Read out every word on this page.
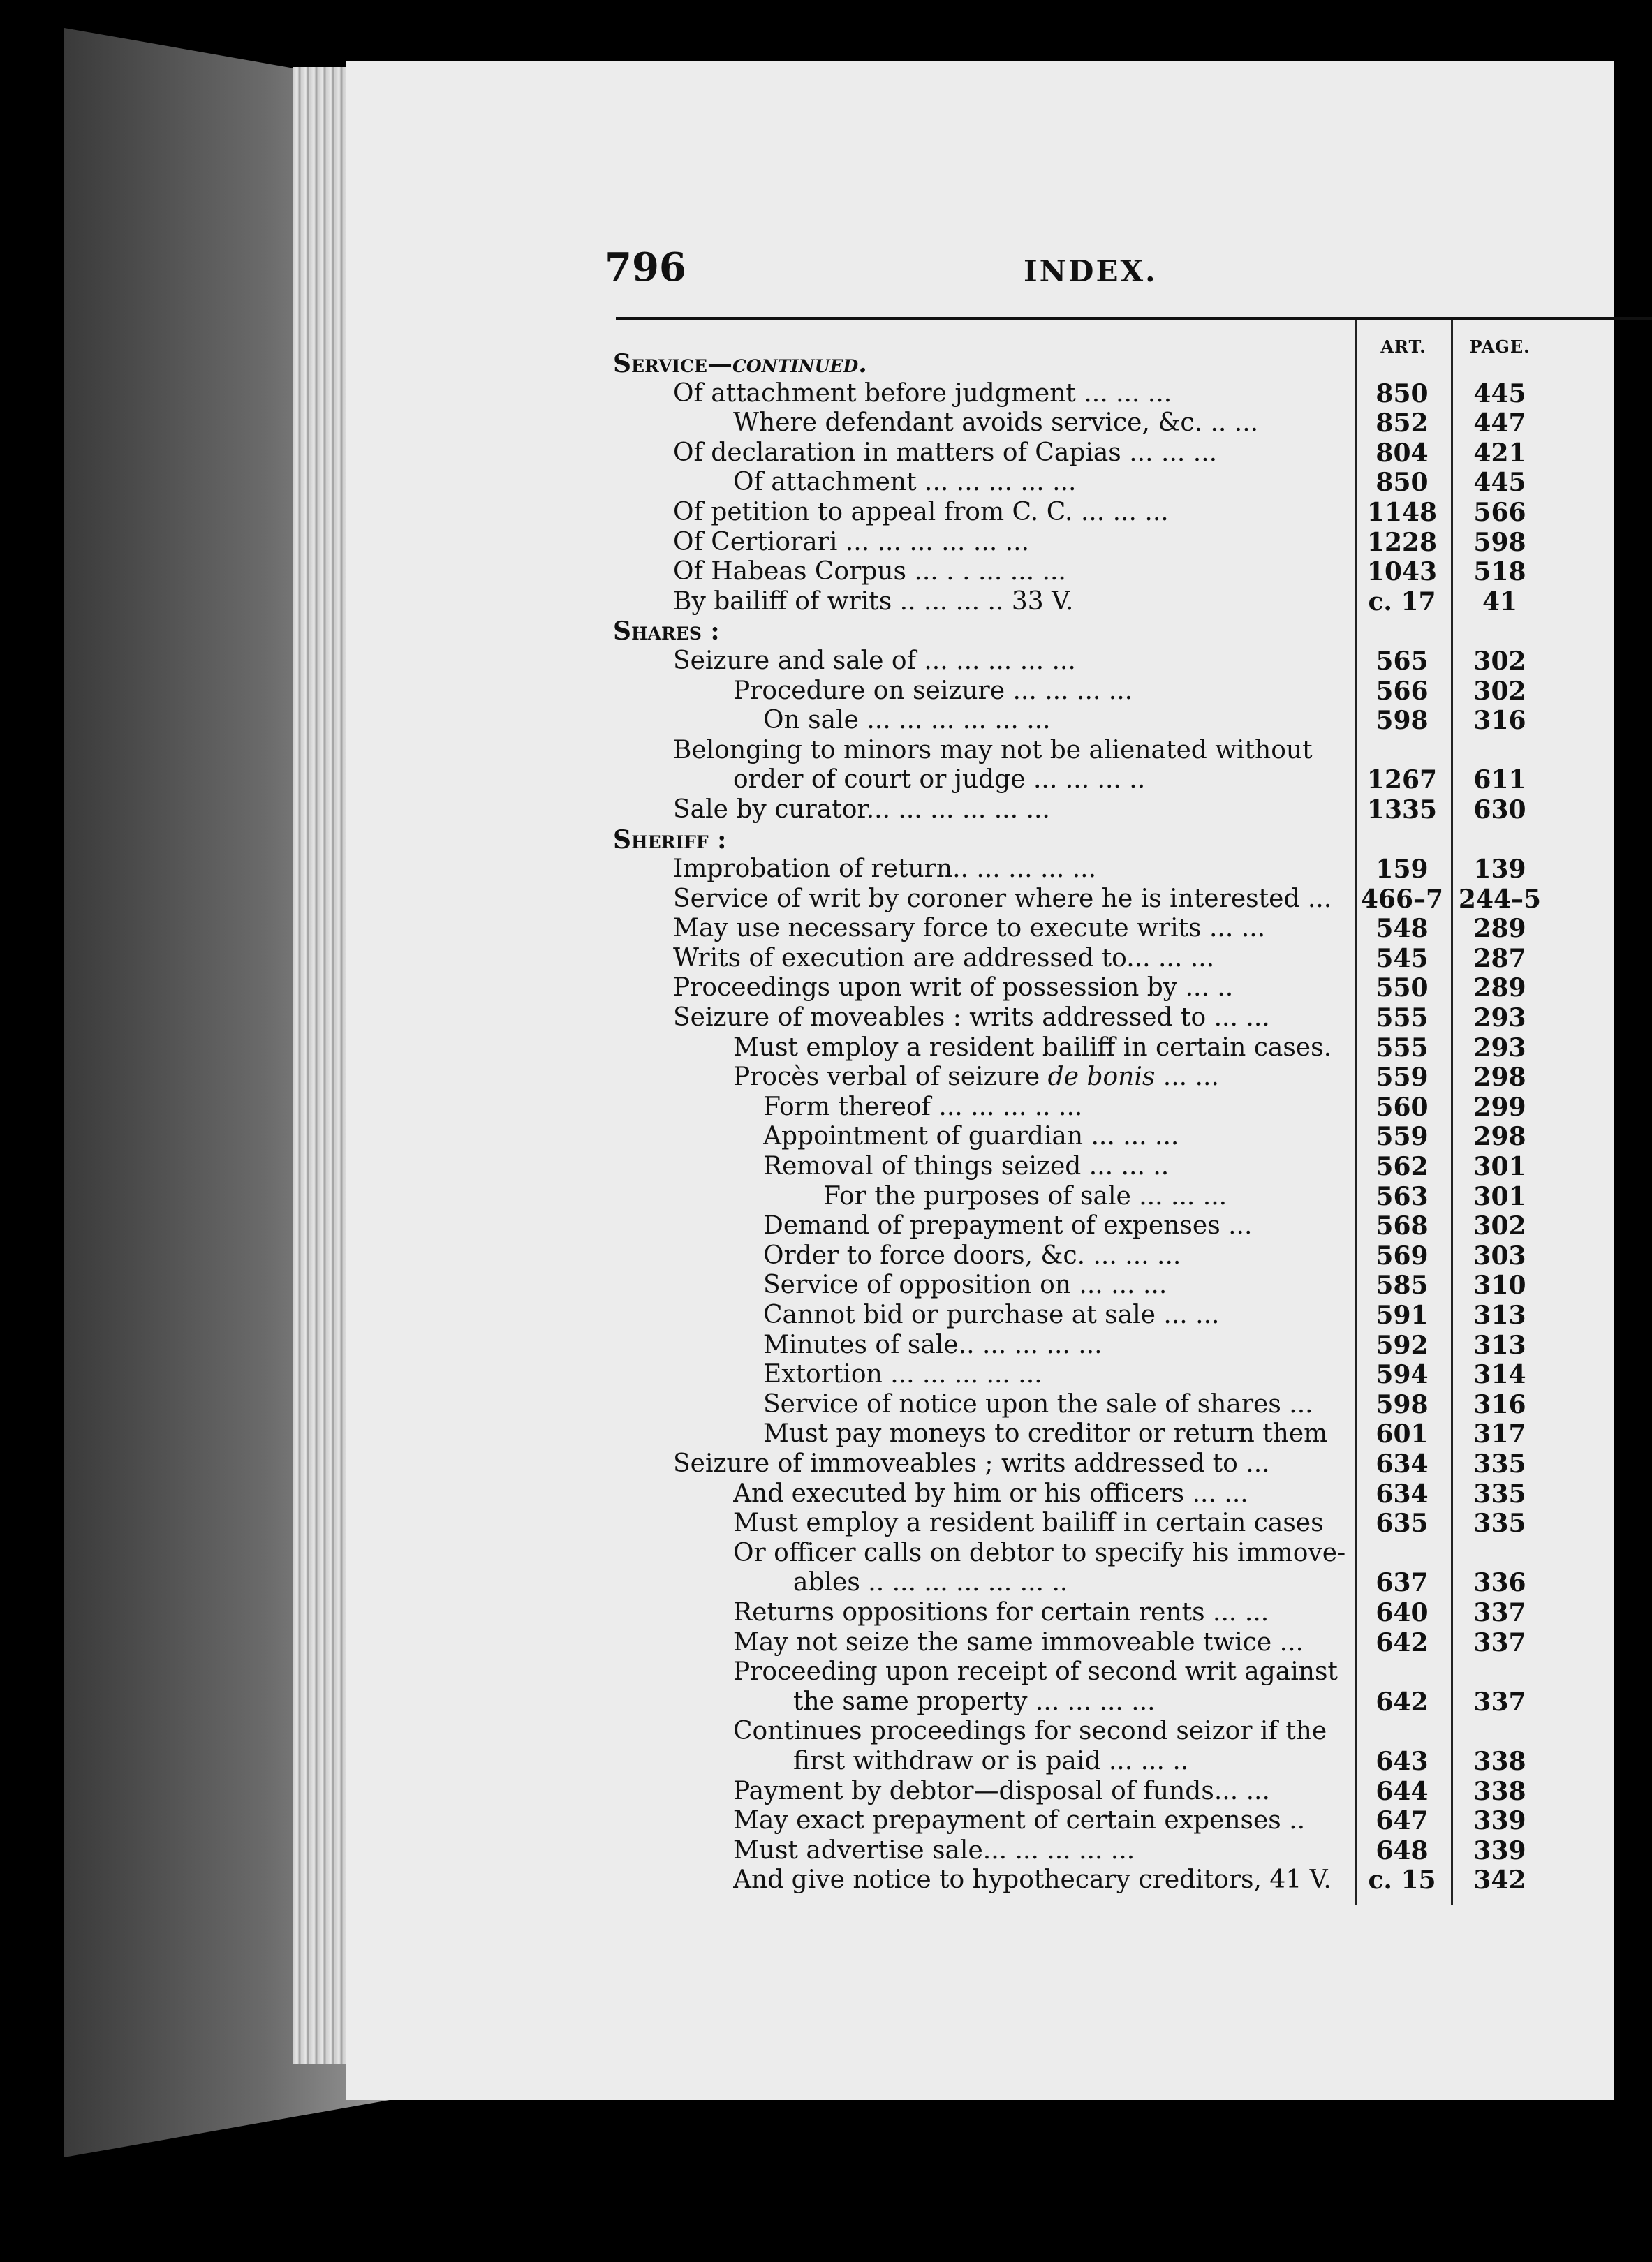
796	INDEX.
ART.	PAGE.
Service—continued.
Of attachment before judgment ... ... ...	850	445
Where defendant avoids service, &c. .. ...	852	447
Of declaration in matters of Capias ... ... ...	804	421
Of attachment ... ... ... ... ...	850	445
Of petition to appeal from C. C. ... ... ...	1148	566
Of Certiorari ... ... ... ... ... ...	1228	598
Of Habeas Corpus ... . . ... ... ...	1043	518
By bailiff of writs .. ... ... .. 33 V.	c. 17	41
Shares :
Seizure and sale of ... ... ... ... ...	565	302
Procedure on seizure ... ... ... ...	566	302
On sale ... ... ... ... ... ...	598	316
Belonging to minors may not be alienated without
order of court or judge ... ... ... ..	1267	611
Sale by curator... ... ... ... ... ...	1335	630
Sheriff :
Improbation of return.. ... ... ... ...	159	139
Service of writ by coroner where he is interested ...	466–7 244–5
May use necessary force to execute writs ... ...	548	289
Writs of execution are addressed to... ... ...	545	287
Proceedings upon writ of possession by ... ..	550	289
Seizure of moveables : writs addressed to ... ...	555	293
Must employ a resident bailiff in certain cases.	555	293
Procès verbal of seizure de bonis ... ...	559	298
Form thereof ... ... ... .. ...	560	299
Appointment of guardian ... ... ...	559	298
Removal of things seized ... ... ..	562	301
For the purposes of sale ... ... ...	563	301
Demand of prepayment of expenses ...	568	302
Order to force doors, &c. ... ... ...	569	303
Service of opposition on ... ... ...	585	310
Cannot bid or purchase at sale ... ...	591	313
Minutes of sale.. ... ... ... ...	592	313
Extortion ... ... ... ... ...	594	314
Service of notice upon the sale of shares ...	598	316
Must pay moneys to creditor or return them	601	317
Seizure of immoveables ; writs addressed to ...	634	335
And executed by him or his officers ... ...	634	335
Must employ a resident bailiff in certain cases	635	335
Or officer calls on debtor to specify his immove-
ables .. ... ... ... ... ... ..	637	336
Returns oppositions for certain rents ... ...	640	337
May not seize the same immoveable twice ...	642	337
Proceeding upon receipt of second writ against
the same property ... ... ... ...	642	337
Continues proceedings for second seizor if the
first withdraw or is paid ... ... ..	643	338
Payment by debtor—disposal of funds... ...	644	338
May exact prepayment of certain expenses ..	647	339
Must advertise sale... ... ... ... ...	648	339
And give notice to hypothecary creditors, 41 V.	c. 15	342
